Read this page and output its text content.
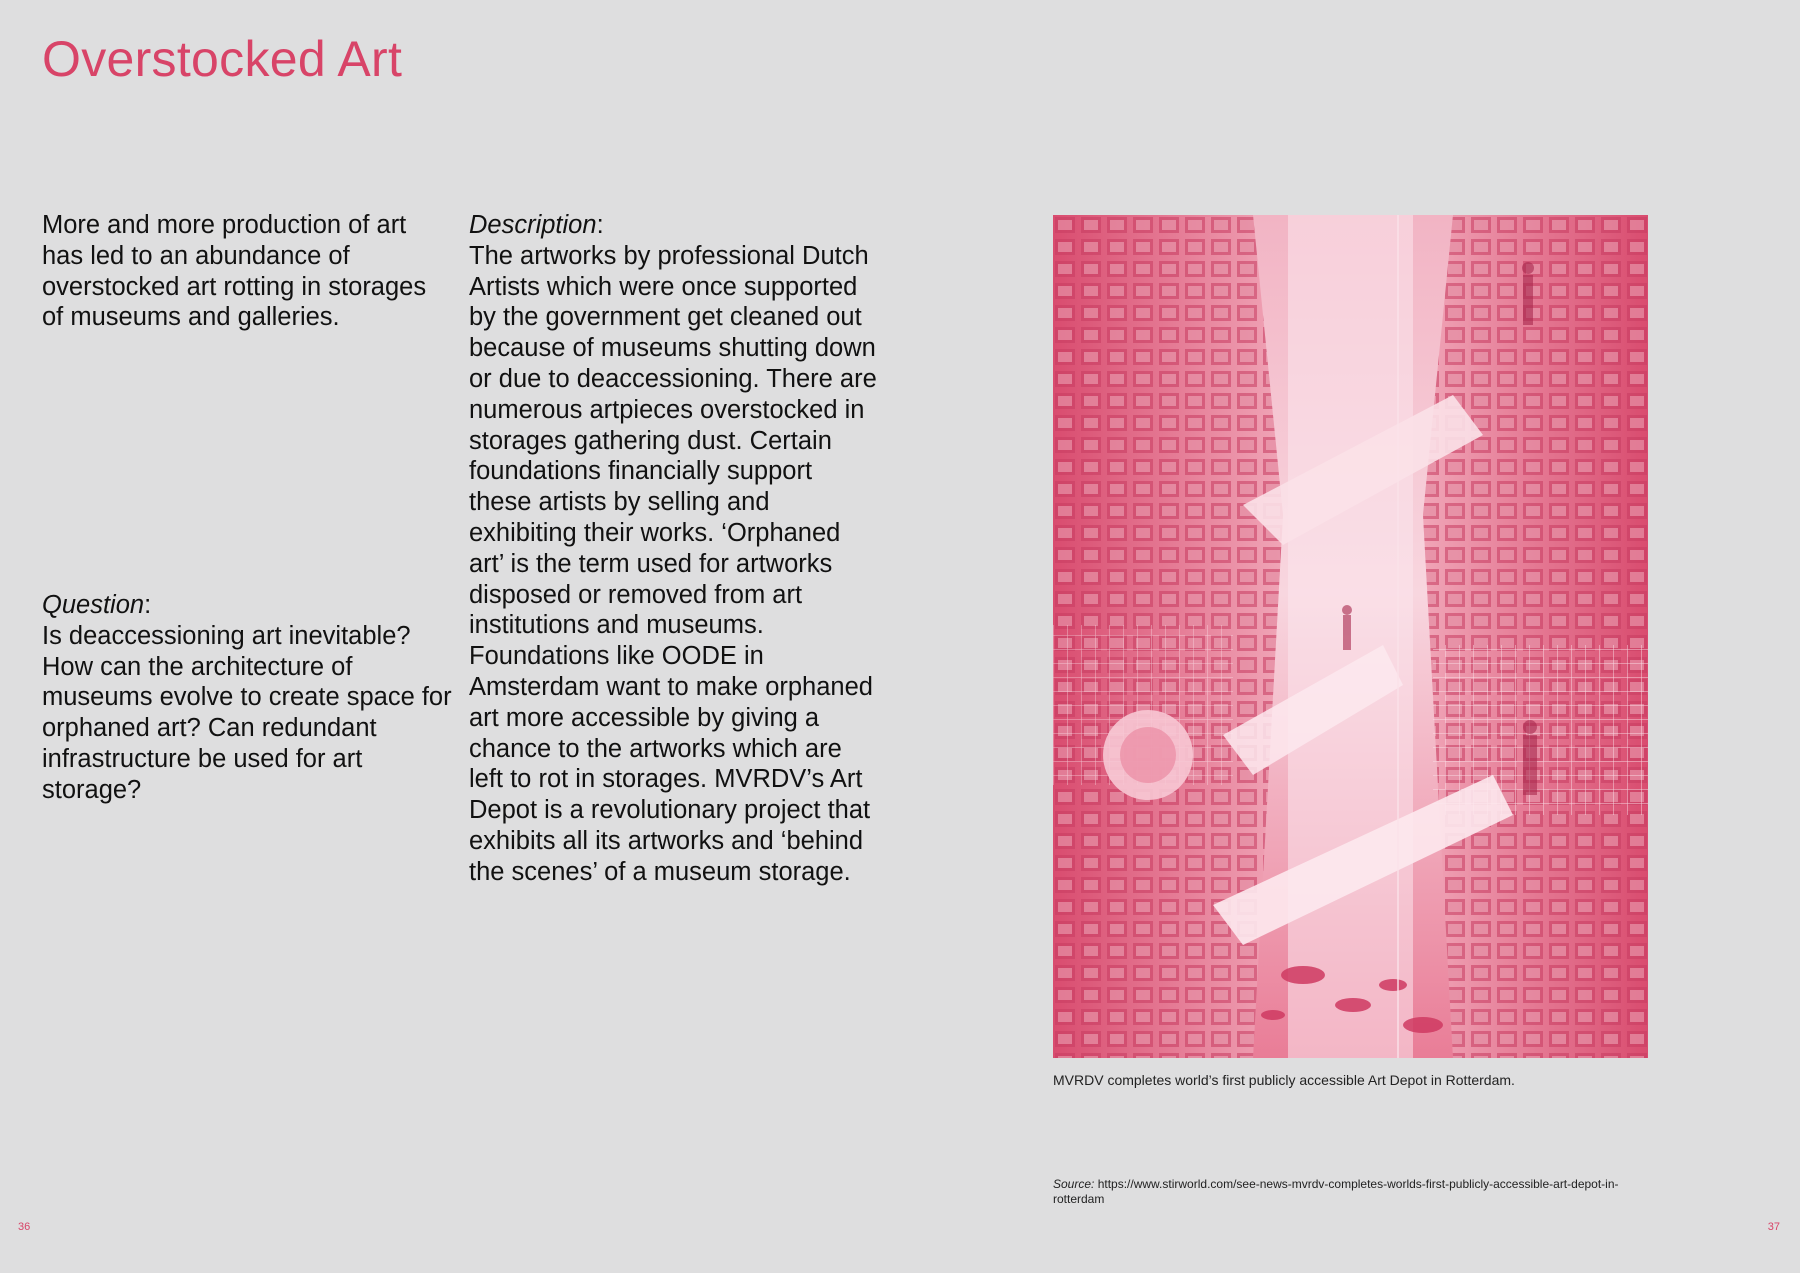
Overstocked Art

More and more production of art has led to an abundance of overstocked art rotting in storages of museums and galleries.

Question:

Is deaccessioning art inevitable? How can the architecture of museums evolve to create space for orphaned art? Can redundant infrastructure be used for art storage?

Description:

The artworks by professional Dutch Artists which were once supported by the government get cleaned out because of museums shutting down or due to deaccessioning. There are numerous artpieces overstocked in storages gathering dust. Certain foundations financially support these artists by selling and exhibiting their works. ‘Orphaned art’ is the term used for artworks disposed or removed from art institutions and museums. Foundations like OODE in Amsterdam want to make orphaned art more accessible by giving a chance to the artworks which are left to rot in storages. MVRDV’s Art Depot is a revolutionary project that exhibits all its artworks and ‘behind the scenes’ of a museum storage.

MVRDV completes world’s first publicly accessible Art Depot in Rotterdam.
Source: https://www.stirworld.com/see-news-mvrdv-completes-worlds-first-publicly-accessible-art-depot-in-rotterdam
36	37
